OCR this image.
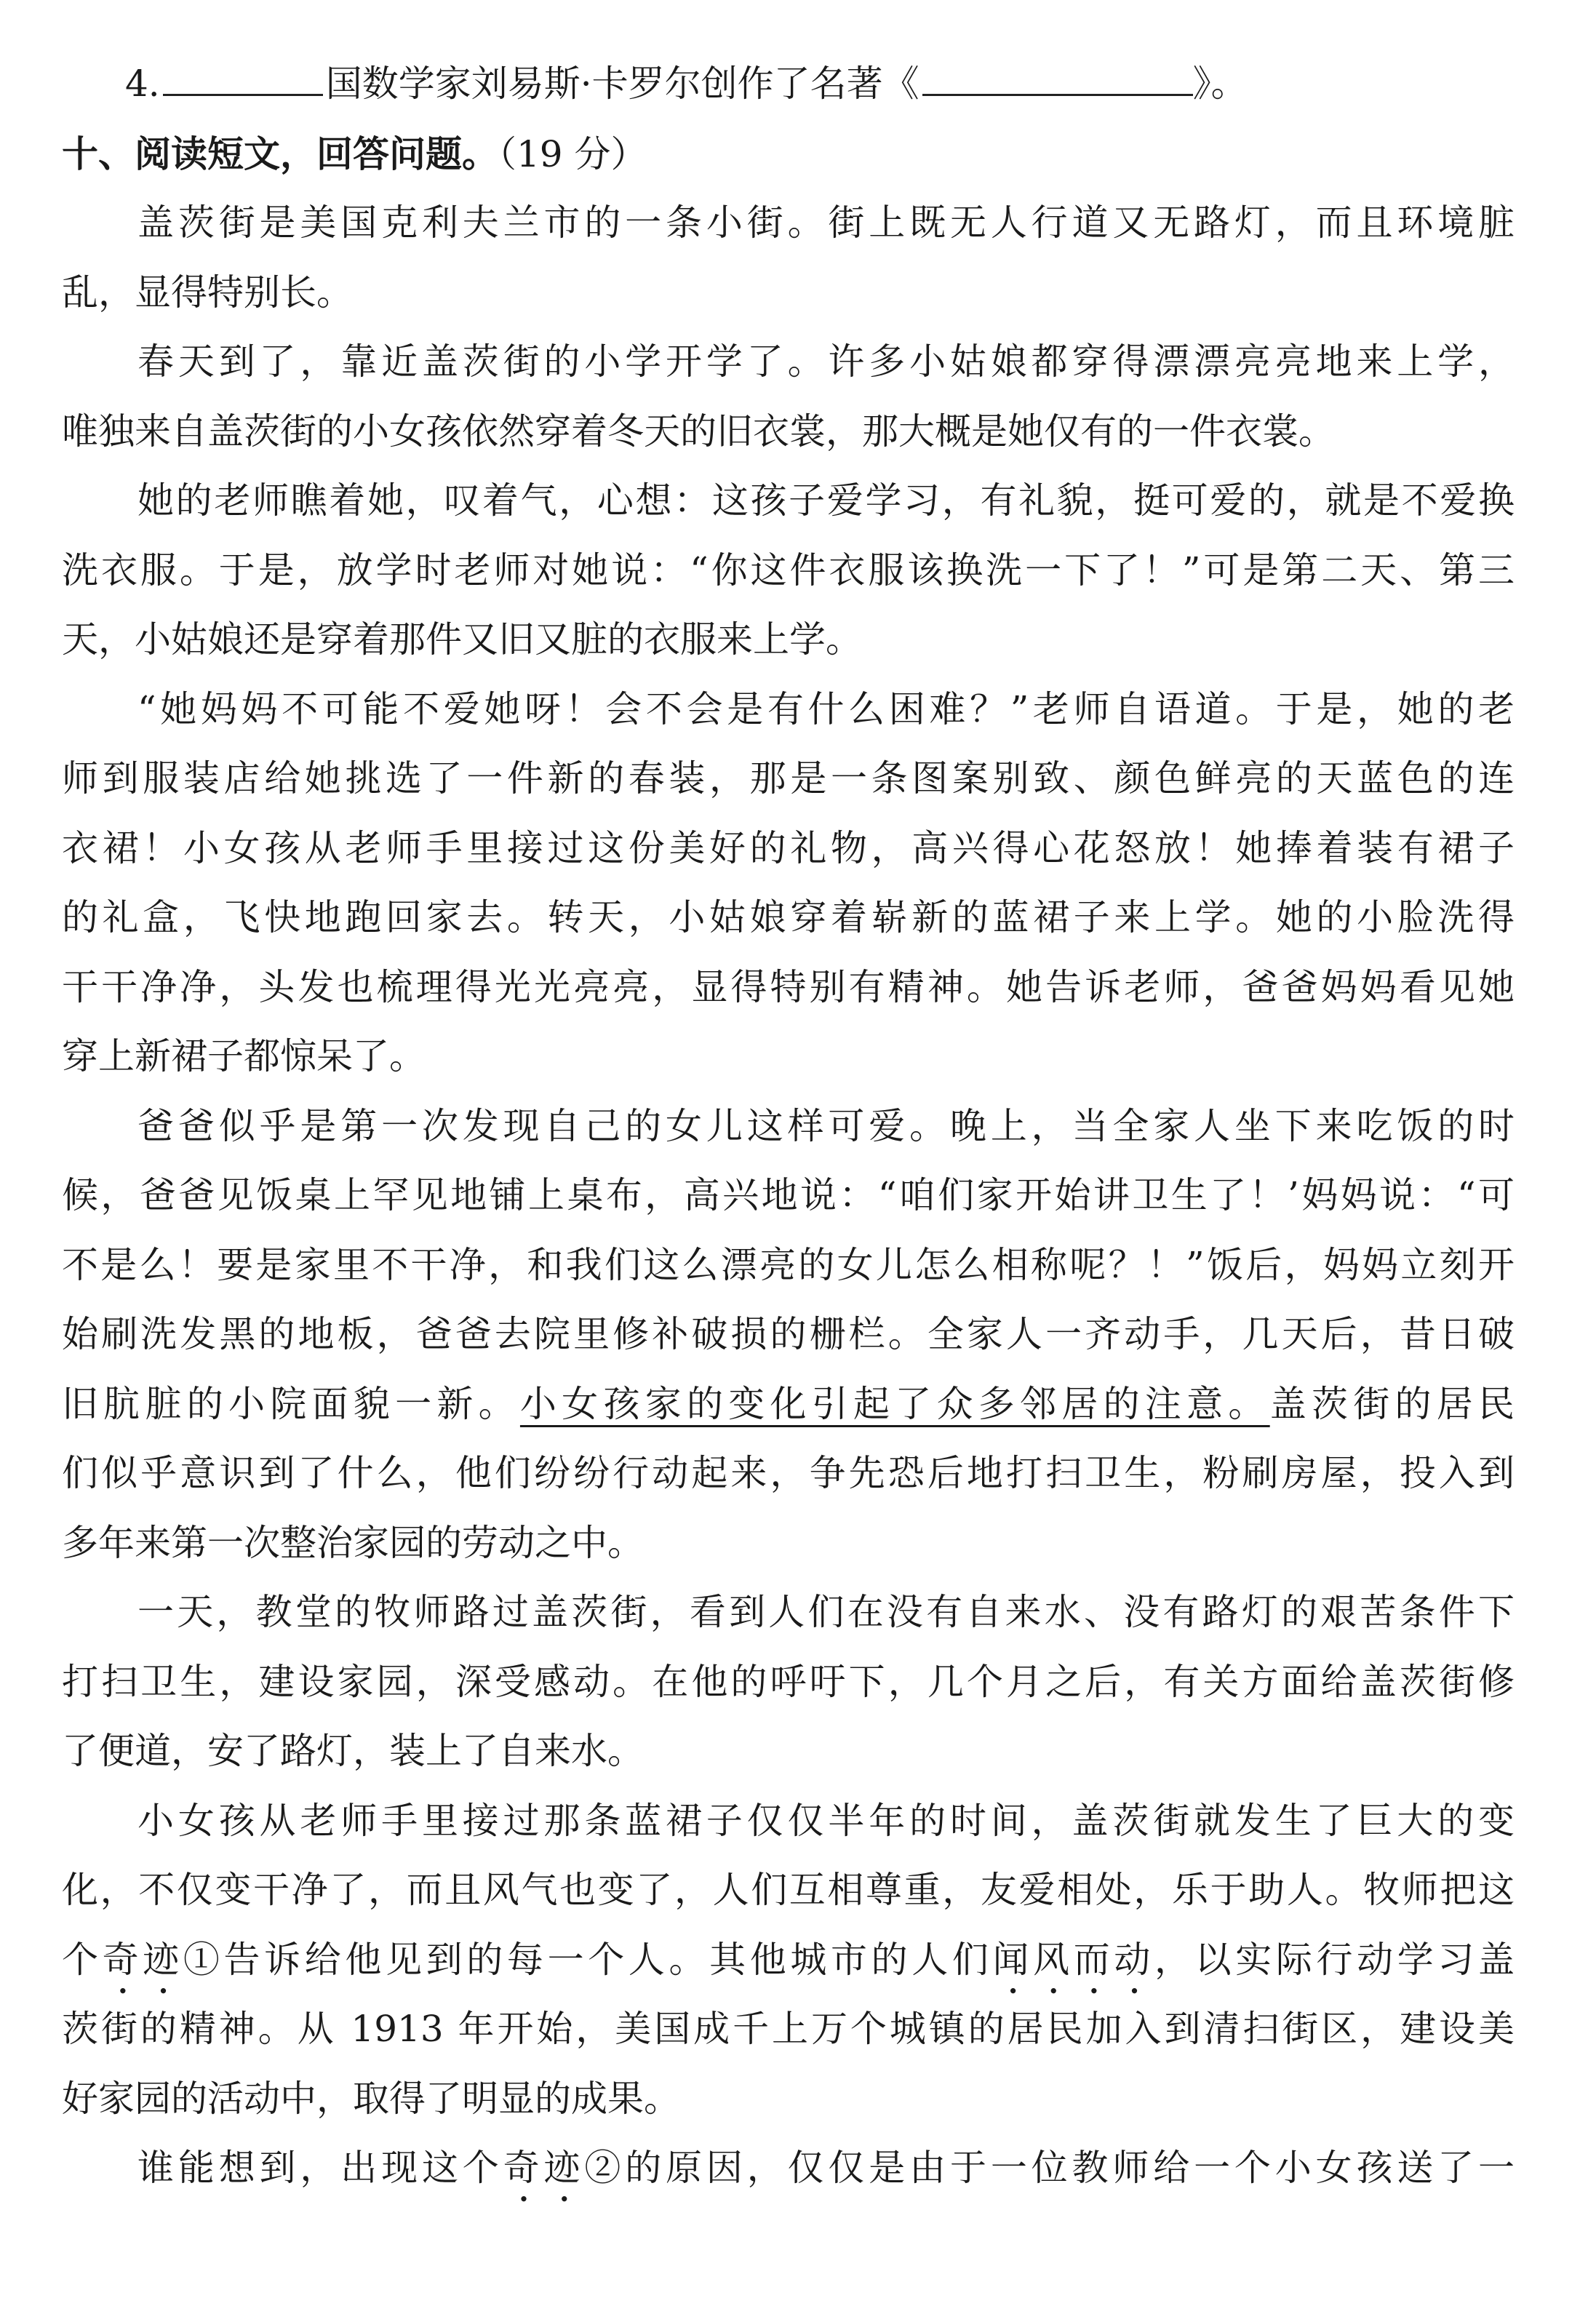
4.	国数学家刘易斯·卡罗尔创作了名著《	》。
十、阅读短文，回答问题。（19 分）
盖茨街是美国克利夫兰市的一条小街。街上既无人行道又无路灯，而且环境脏
乱，显得特别长。
春天到了，靠近盖茨街的小学开学了。许多小姑娘都穿得漂漂亮亮地来上学，
唯独来自盖茨街的小女孩依然穿着冬天的旧衣裳，那大概是她仅有的一件衣裳。
她的老师瞧着她，叹着气，心想：这孩子爱学习，有礼貌，挺可爱的，就是不爱换
洗衣服。于是，放学时老师对她说：“你这件衣服该换洗一下了！”可是第二天、第三
天，小姑娘还是穿着那件又旧又脏的衣服来上学。
“她妈妈不可能不爱她呀！会不会是有什么困难？”老师自语道。于是，她的老
师到服装店给她挑选了一件新的春装，那是一条图案别致、颜色鲜亮的天蓝色的连
衣裙！小女孩从老师手里接过这份美好的礼物，高兴得心花怒放！她捧着装有裙子
的礼盒，飞快地跑回家去。转天，小姑娘穿着崭新的蓝裙子来上学。她的小脸洗得
干干净净，头发也梳理得光光亮亮，显得特别有精神。她告诉老师，爸爸妈妈看见她
穿上新裙子都惊呆了。
爸爸似乎是第一次发现自己的女儿这样可爱。晚上，当全家人坐下来吃饭的时
候，爸爸见饭桌上罕见地铺上桌布，高兴地说：“咱们家开始讲卫生了！’妈妈说：“可
不是么！要是家里不干净，和我们这么漂亮的女儿怎么相称呢？！”饭后，妈妈立刻开
始刷洗发黑的地板，爸爸去院里修补破损的栅栏。全家人一齐动手，几天后，昔日破
旧肮脏的小院面貌一新。小女孩家的变化引起了众多邻居的注意。盖茨街的居民
们似乎意识到了什么，他们纷纷行动起来，争先恐后地打扫卫生，粉刷房屋，投入到
多年来第一次整治家园的劳动之中。
一天，教堂的牧师路过盖茨街，看到人们在没有自来水、没有路灯的艰苦条件下
打扫卫生，建设家园，深受感动。在他的呼吁下，几个月之后，有关方面给盖茨街修
了便道，安了路灯，装上了自来水。
小女孩从老师手里接过那条蓝裙子仅仅半年的时间，盖茨街就发生了巨大的变
化，不仅变干净了，而且风气也变了，人们互相尊重，友爱相处，乐于助人。牧师把这
个奇迹①告诉给他见到的每一个人。其他城市的人们闻风而动，以实际行动学习盖
茨街的精神。从 1913 年开始，美国成千上万个城镇的居民加入到清扫街区，建设美
好家园的活动中，取得了明显的成果。
谁能想到，出现这个奇迹②的原因，仅仅是由于一位教师给一个小女孩送了一
